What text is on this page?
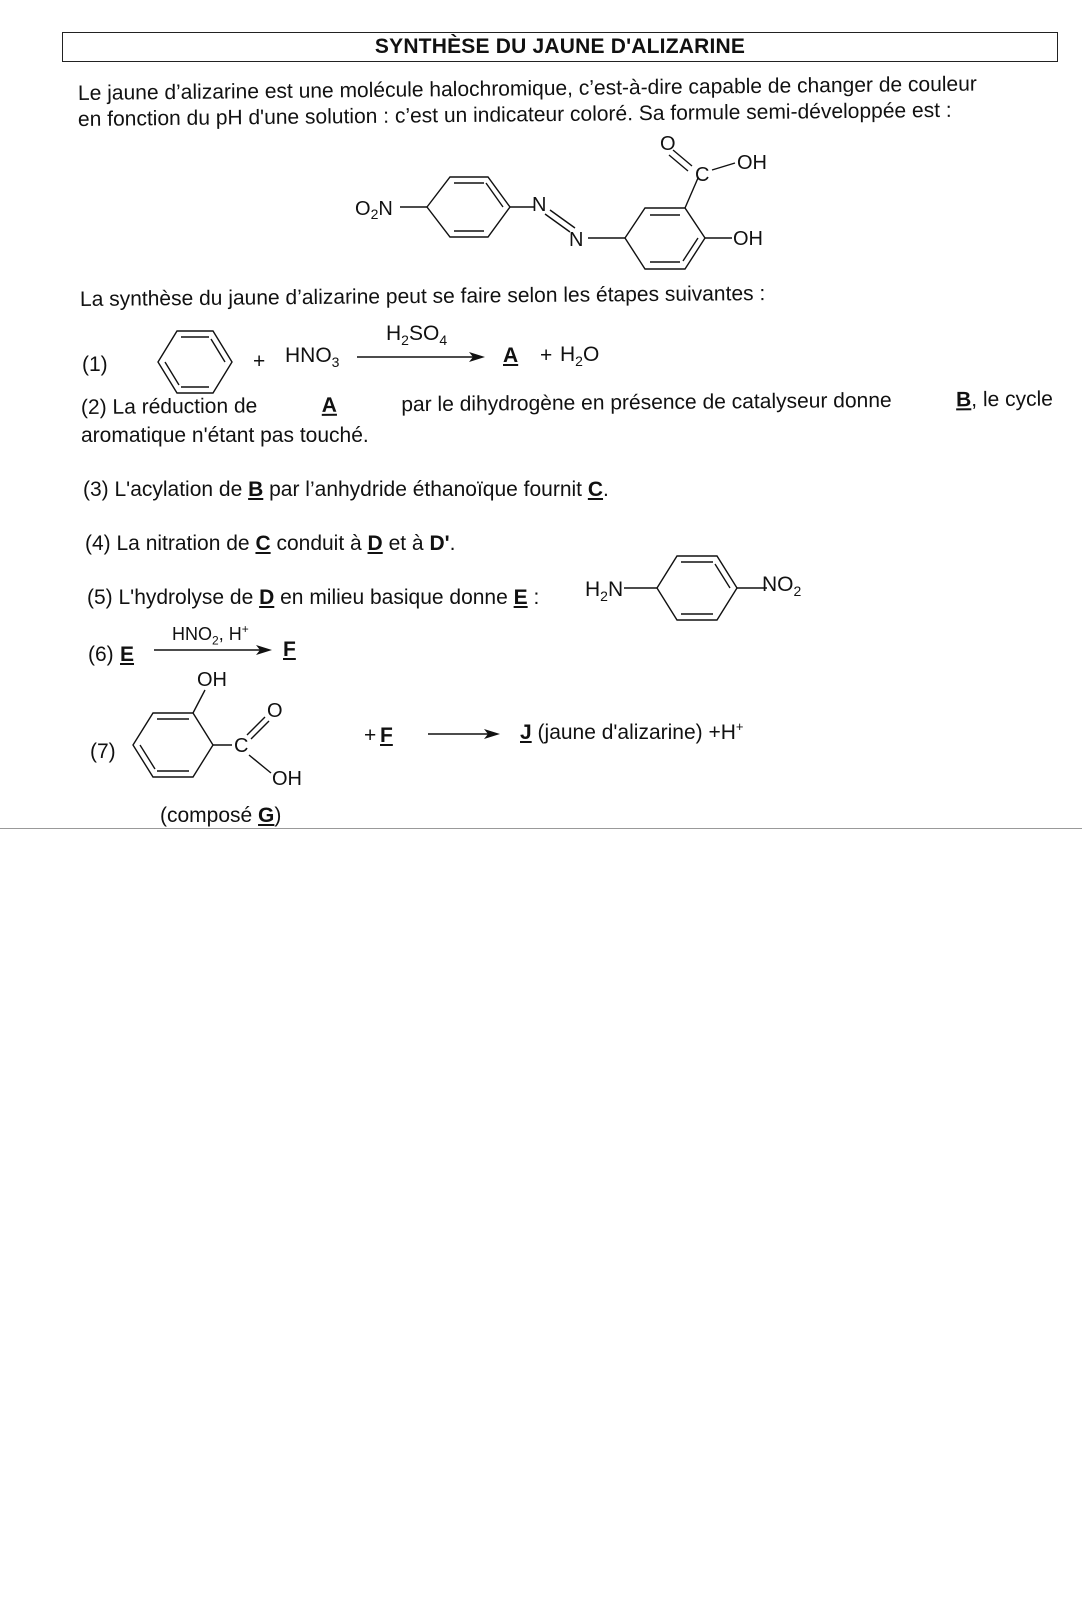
SYNTHÈSE DU JAUNE D'ALIZARINE
Le jaune d’alizarine est une molécule halochromique, c’est-à-dire capable de changer de couleur
en fonction du pH d'une solution : c’est un indicateur coloré. Sa formule semi-développée est :
$O_2N$	N
N
O
C
OH
OH
La synthèse du jaune d’alizarine peut se faire selon les étapes suivantes :
(1)	+ $HNO_3$
$H_2SO_4$
$A + H_2O$
(2) La réduction de	A	par le dihydrogène en présence de catalyseur donne	B, le cycle
aromatique n'étant pas touché.
(3) L'acylation de B par l’anhydride éthanoïque fournit C.
(4) La nitration de C conduit à D et à D'.
(5) L'hydrolyse de D en milieu basique donne E : $H_2N$	$NO_2$
(6) E
$HNO_2$, H+
F
(7)
OH
O
C
OH
(composé G)
+ F	J (jaune d'alizarine) +H+
